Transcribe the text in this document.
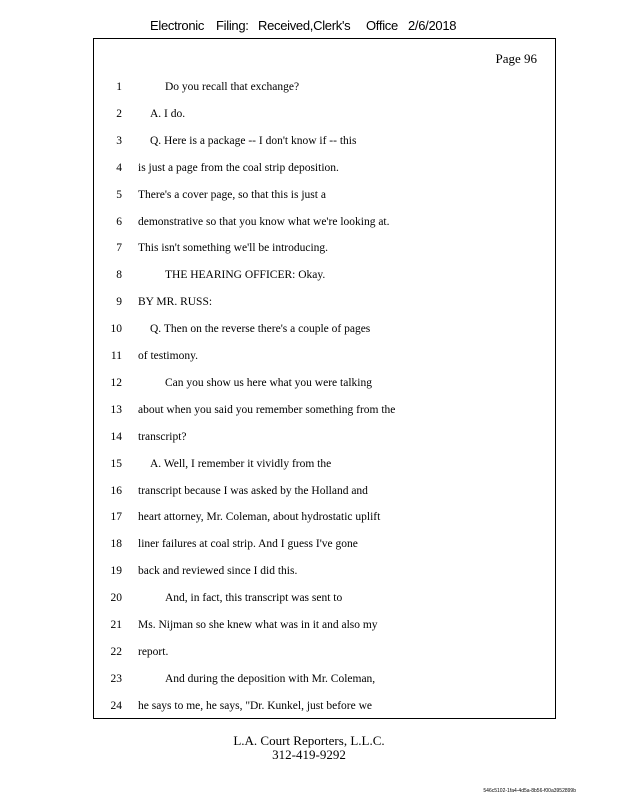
Electronic Filing: Received,Clerk's Office 2/6/2018
Page 96
1	Do you recall that exchange?
2	A. I do.
3	Q. Here is a package -- I don't know if -- this
4 is just a page from the coal strip deposition.
5 There's a cover page, so that this is just a
6 demonstrative so that you know what we're looking at.
7 This isn't something we'll be introducing.
8	THE HEARING OFFICER: Okay.
9 BY MR. RUSS:
10	Q. Then on the reverse there's a couple of pages
11 of testimony.
12	Can you show us here what you were talking
13 about when you said you remember something from the
14 transcript?
15	A. Well, I remember it vividly from the
16 transcript because I was asked by the Holland and
17 heart attorney, Mr. Coleman, about hydrostatic uplift
18 liner failures at coal strip. And I guess I've gone
19 back and reviewed since I did this.
20	And, in fact, this transcript was sent to
21 Ms. Nijman so she knew what was in it and also my
22 report.
23	And during the deposition with Mr. Coleman,
24 he says to me, he says, "Dr. Kunkel, just before we
L.A. Court Reporters, L.L.C.
312-419-9292
546c5102-1fa4-4d5a-8b56-f00a3952899b
